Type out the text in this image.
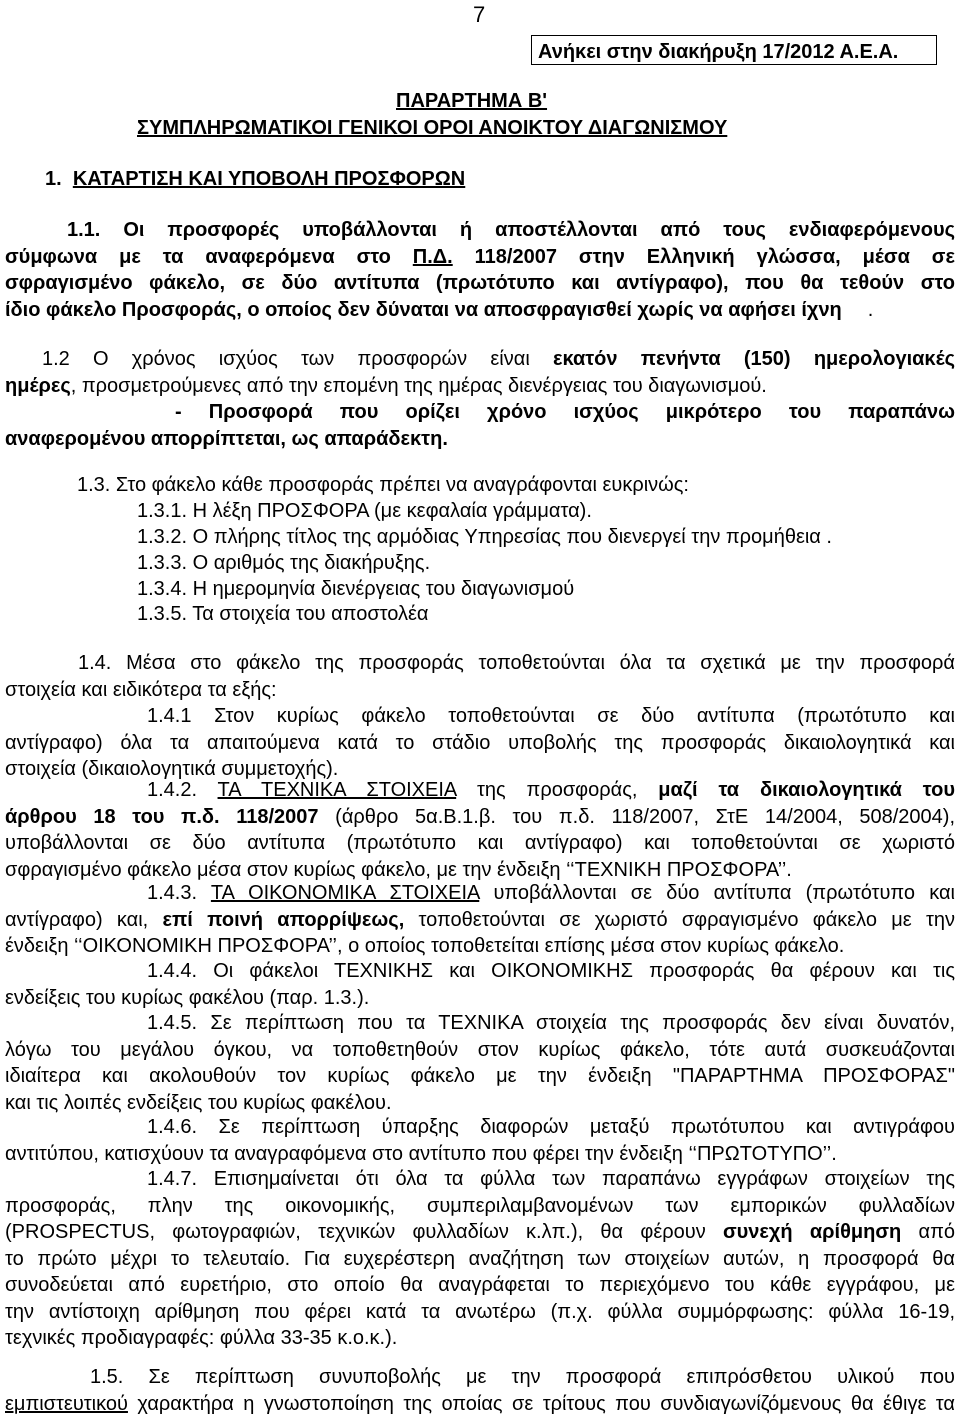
7
Ανήκει στην διακήρυξη 17/2012 Α.Ε.Α.
ΠΑΡΑΡΤΗΜΑ Β'
ΣΥΜΠΛΗΡΩΜΑΤΙΚΟΙ ΓΕΝΙΚΟΙ ΟΡΟΙ ΑΝΟΙΚΤΟΥ ΔΙΑΓΩΝΙΣΜΟΥ
1. ΚΑΤΑΡΤΙΣΗ ΚΑΙ ΥΠΟΒΟΛΗ ΠΡΟΣΦΟΡΩΝ
1.1. Οι προσφορές υποβάλλονται ή αποστέλλονται από τους ενδιαφερόμενους
σύμφωνα με τα αναφερόμενα στο Π.Δ. 118/2007 στην Ελληνική γλώσσα, μέσα σε
σφραγισμένο φάκελο, σε δύο αντίτυπα (πρωτότυπο και αντίγραφο), που θα τεθούν στο
ίδιο φάκελο Προσφοράς, ο οποίος δεν δύναται να αποσφραγισθεί χωρίς να αφήσει ίχνη .
1.2 Ο χρόνος ισχύος των προσφορών είναι εκατόν πενήντα (150) ημερολογιακές
ημέρες, προσμετρούμενες από την επομένη της ημέρας διενέργειας του διαγωνισμού.
- Προσφορά που ορίζει χρόνο ισχύος μικρότερο του παραπάνω
αναφερομένου απορρίπτεται, ως απαράδεκτη.
1.3. Στο φάκελο κάθε προσφοράς πρέπει να αναγράφονται ευκρινώς:
1.3.1. Η λέξη ΠΡΟΣΦΟΡΑ (με κεφαλαία γράμματα).
1.3.2. Ο πλήρης τίτλος της αρμόδιας Υπηρεσίας που διενεργεί την προμήθεια .
1.3.3. Ο αριθμός της διακήρυξης.
1.3.4. Η ημερομηνία διενέργειας του διαγωνισμού
1.3.5. Τα στοιχεία του αποστολέα
1.4. Μέσα στο φάκελο της προσφοράς τοποθετούνται όλα τα σχετικά με την προσφορά
στοιχεία και ειδικότερα τα εξής:
1.4.1 Στον κυρίως φάκελο τοποθετούνται σε δύο αντίτυπα (πρωτότυπο και
αντίγραφο) όλα τα απαιτούμενα κατά το στάδιο υποβολής της προσφοράς δικαιολογητικά και
στοιχεία (δικαιολογητικά συμμετοχής).
1.4.2. ΤΑ ΤΕΧΝΙΚΑ ΣΤΟΙΧΕΙΑ της προσφοράς, μαζί τα δικαιολογητικά του
άρθρου 18 του π.δ. 118/2007 (άρθρο 5α.Β.1.β. του π.δ. 118/2007, ΣτΕ 14/2004, 508/2004),
υποβάλλονται σε δύο αντίτυπα (πρωτότυπο και αντίγραφο) και τοποθετούνται σε χωριστό
σφραγισμένο φάκελο μέσα στον κυρίως φάκελο, με την ένδειξη ‘‘ΤΕΧΝΙΚΗ ΠΡΟΣΦΟΡΑ’’.
1.4.3. ΤΑ ΟΙΚΟΝΟΜΙΚΑ ΣΤΟΙΧΕΙΑ υποβάλλονται σε δύο αντίτυπα (πρωτότυπο και
αντίγραφο) και, επί ποινή απορρίψεως, τοποθετούνται σε χωριστό σφραγισμένο φάκελο με την
ένδειξη ‘‘ΟΙΚΟΝΟΜΙΚΗ ΠΡΟΣΦΟΡΑ’’, ο οποίος τοποθετείται επίσης μέσα στον κυρίως φάκελο.
1.4.4. Οι φάκελοι ΤΕΧΝΙΚΗΣ και ΟΙΚΟΝΟΜΙΚΗΣ προσφοράς θα φέρουν και τις
ενδείξεις του κυρίως φακέλου (παρ. 1.3.).
1.4.5. Σε περίπτωση που τα ΤΕΧΝΙΚΑ στοιχεία της προσφοράς δεν είναι δυνατόν,
λόγω του μεγάλου όγκου, να τοποθετηθούν στον κυρίως φάκελο, τότε αυτά συσκευάζονται
ιδιαίτερα και ακολουθούν τον κυρίως φάκελο με την ένδειξη "ΠΑΡΑΡΤΗΜΑ ΠΡΟΣΦΟΡΑΣ"
και τις λοιπές ενδείξεις του κυρίως φακέλου.
1.4.6. Σε περίπτωση ύπαρξης διαφορών μεταξύ πρωτότυπου και αντιγράφου
αντιτύπου, κατισχύουν τα αναγραφόμενα στο αντίτυπο που φέρει την ένδειξη ‘‘ΠΡΩΤΟΤΥΠΟ’’.
1.4.7. Επισημαίνεται ότι όλα τα φύλλα των παραπάνω εγγράφων στοιχείων της
προσφοράς, πλην της οικονομικής, συμπεριλαμβανομένων των εμπορικών φυλλαδίων
(PROSPECTUS, φωτογραφιών, τεχνικών φυλλαδίων κ.λπ.), θα φέρουν συνεχή αρίθμηση από
το πρώτο μέχρι το τελευταίο. Για ευχερέστερη αναζήτηση των στοιχείων αυτών, η προσφορά θα
συνοδεύεται από ευρετήριο, στο οποίο θα αναγράφεται το περιεχόμενο του κάθε εγγράφου, με
την αντίστοιχη αρίθμηση που φέρει κατά τα ανωτέρω (π.χ. φύλλα συμμόρφωσης: φύλλα 16-19,
τεχνικές προδιαγραφές: φύλλα 33-35 κ.ο.κ.).
1.5. Σε περίπτωση συνυποβολής με την προσφορά επιπρόσθετου υλικού που
εμπιστευτικού χαρακτήρα η γνωστοποίηση της οποίας σε τρίτους που συνδιαγωνίζόμενους θα έθιγε τα
